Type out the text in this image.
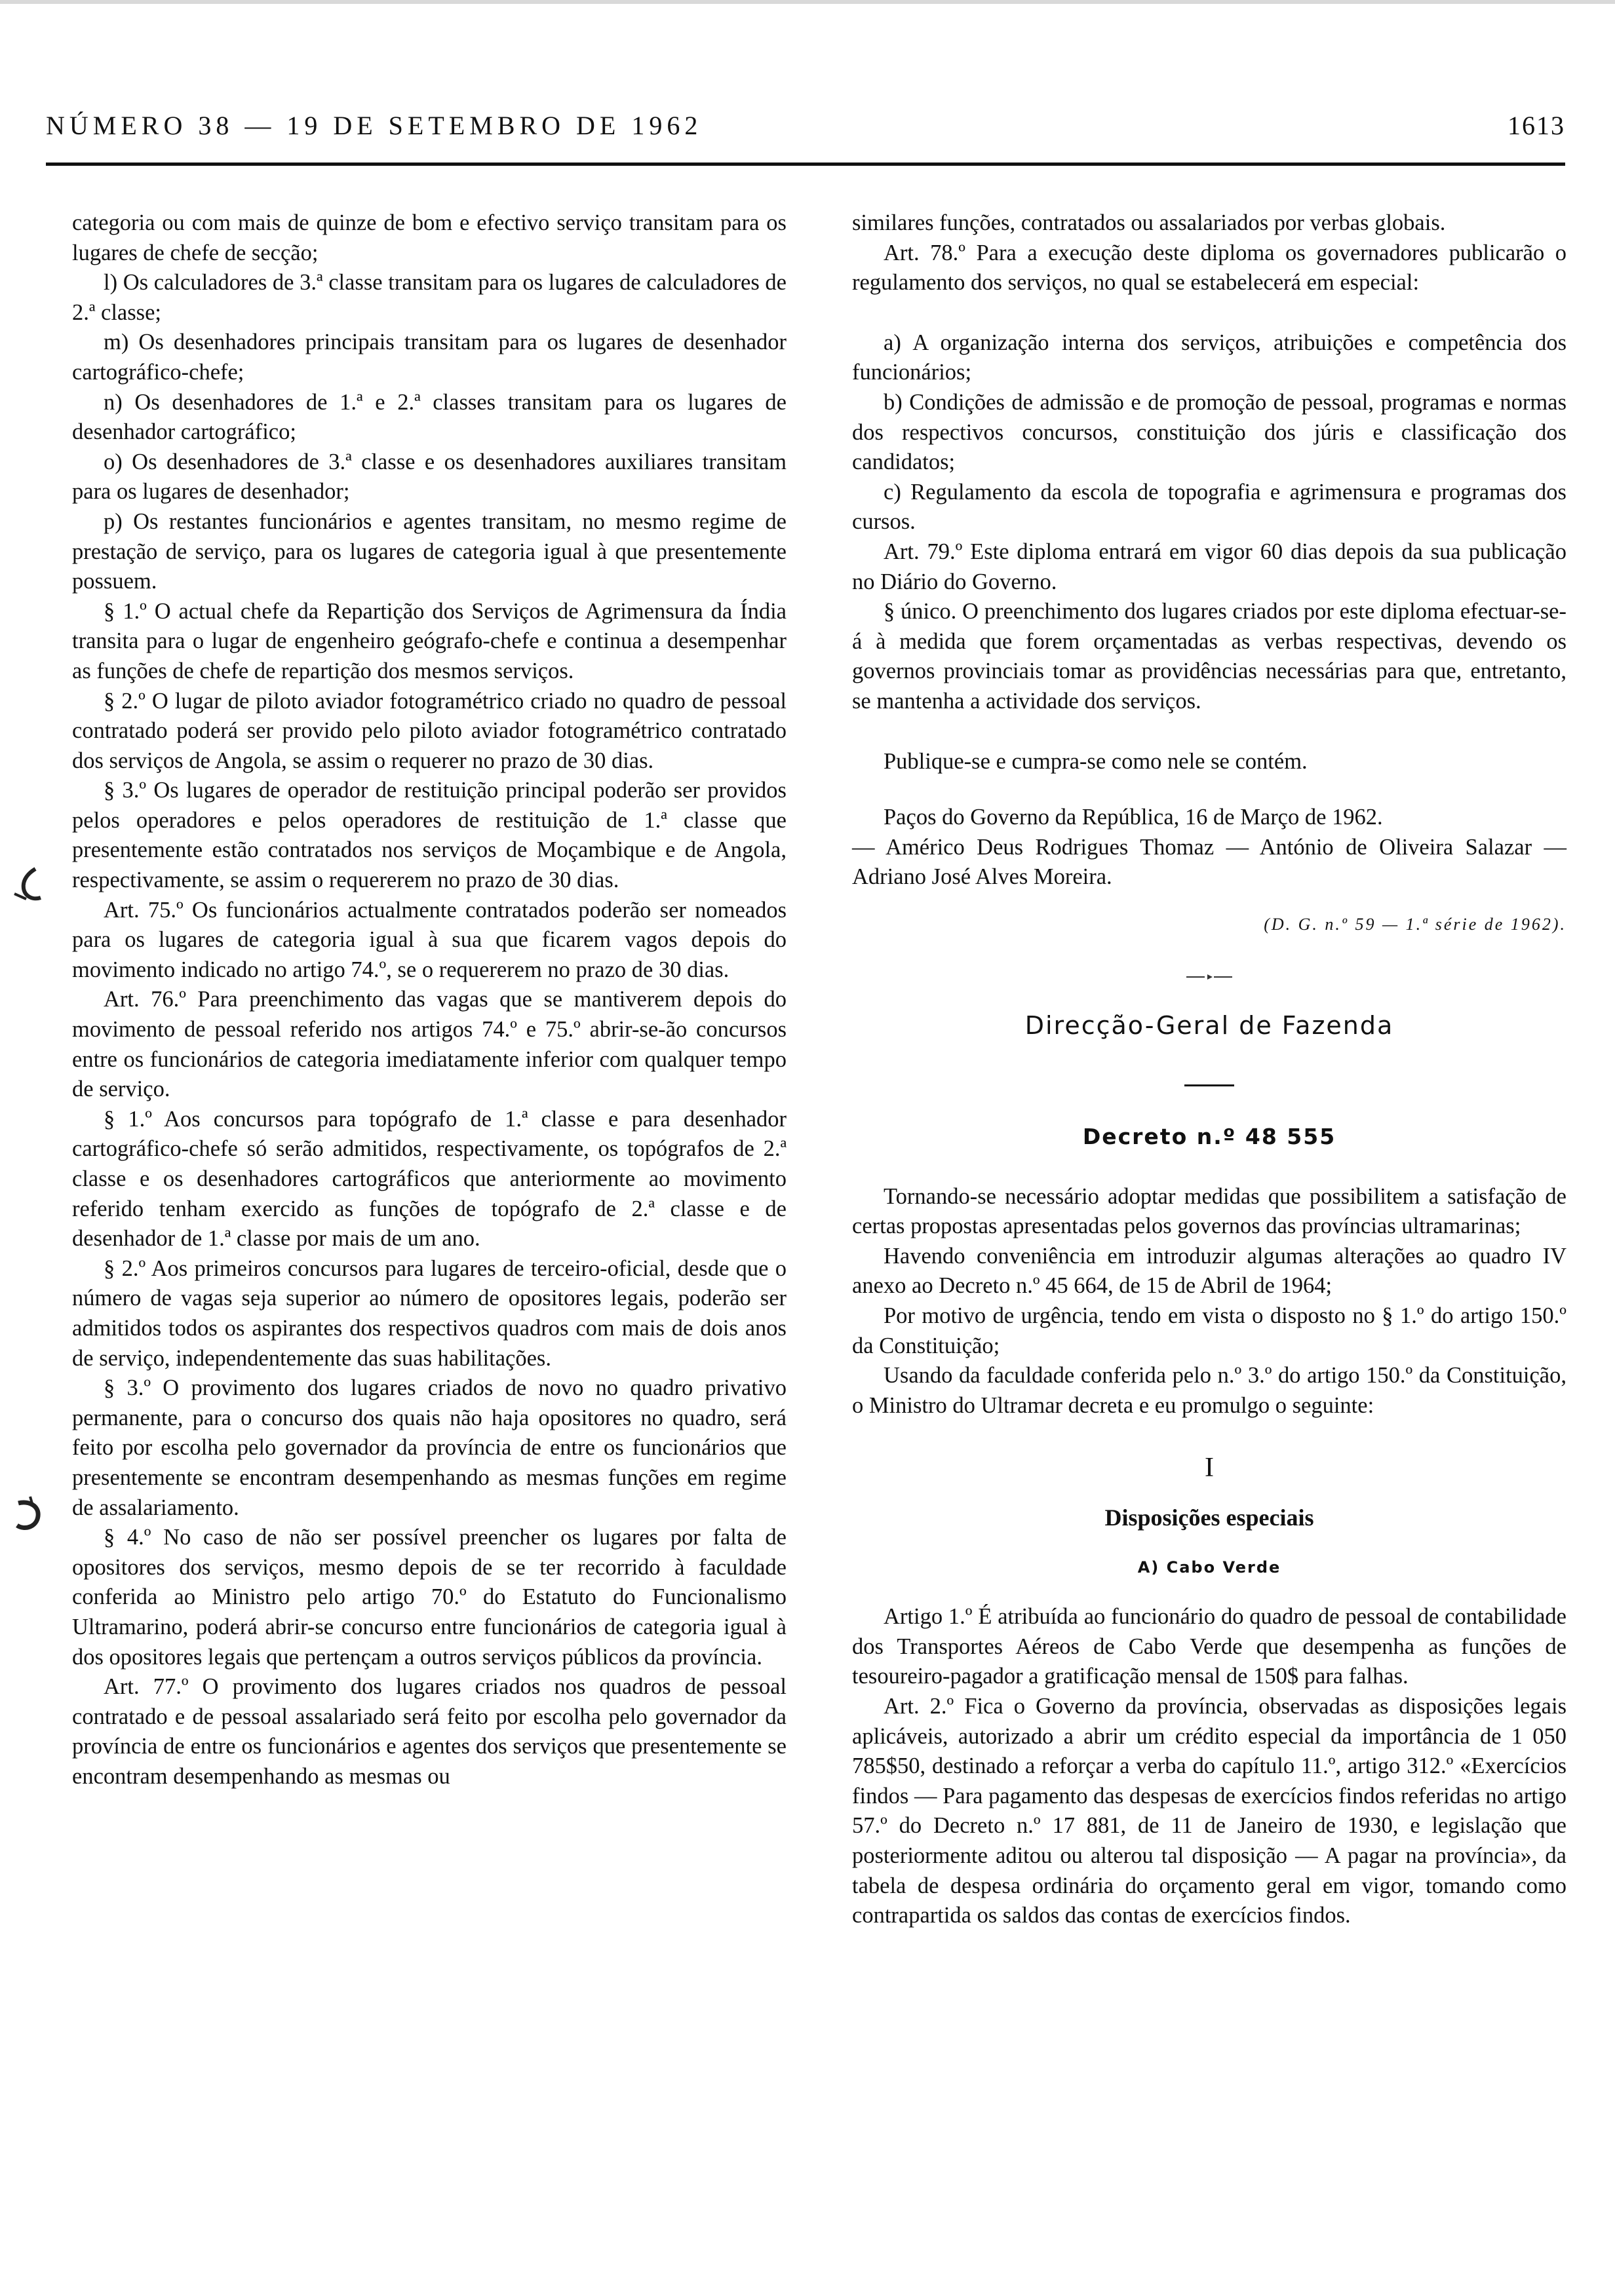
NÚMERO 38 — 19 DE SETEMBRO DE 1962	1613

categoria ou com mais de quinze de bom e efectivo serviço transitam para os lugares de chefe de secção;

l) Os calculadores de 3.ª classe transitam para os lugares de calculadores de 2.ª classe;

m) Os desenhadores principais transitam para os lugares de desenhador cartográfico-chefe;

n) Os desenhadores de 1.ª e 2.ª classes transitam para os lugares de desenhador cartográfico;

o) Os desenhadores de 3.ª classe e os desenhadores auxiliares transitam para os lugares de desenhador;

p) Os restantes funcionários e agentes transitam, no mesmo regime de prestação de serviço, para os lugares de categoria igual à que presentemente possuem.

§ 1.º O actual chefe da Repartição dos Serviços de Agrimensura da Índia transita para o lugar de engenheiro geógrafo-chefe e continua a desempenhar as funções de chefe de repartição dos mesmos serviços.

§ 2.º O lugar de piloto aviador fotogramétrico criado no quadro de pessoal contratado poderá ser provido pelo piloto aviador fotogramétrico contratado dos serviços de Angola, se assim o requerer no prazo de 30 dias.

§ 3.º Os lugares de operador de restituição principal poderão ser providos pelos operadores e pelos operadores de restituição de 1.ª classe que presentemente estão contratados nos serviços de Moçambique e de Angola, respectivamente, se assim o requererem no prazo de 30 dias.

Art. 75.º Os funcionários actualmente contratados poderão ser nomeados para os lugares de categoria igual à sua que ficarem vagos depois do movimento indicado no artigo 74.º, se o requererem no prazo de 30 dias.

Art. 76.º Para preenchimento das vagas que se mantiverem depois do movimento de pessoal referido nos artigos 74.º e 75.º abrir-se-ão concursos entre os funcionários de categoria imediatamente inferior com qualquer tempo de serviço.

§ 1.º Aos concursos para topógrafo de 1.ª classe e para desenhador cartográfico-chefe só serão admitidos, respectivamente, os topógrafos de 2.ª classe e os desenhadores cartográficos que anteriormente ao movimento referido tenham exercido as funções de topógrafo de 2.ª classe e de desenhador de 1.ª classe por mais de um ano.

§ 2.º Aos primeiros concursos para lugares de terceiro-oficial, desde que o número de vagas seja superior ao número de opositores legais, poderão ser admitidos todos os aspirantes dos respectivos quadros com mais de dois anos de serviço, independentemente das suas habilitações.

§ 3.º O provimento dos lugares criados de novo no quadro privativo permanente, para o concurso dos quais não haja opositores no quadro, será feito por escolha pelo governador da província de entre os funcionários que presentemente se encontram desempenhando as mesmas funções em regime de assalariamento.

§ 4.º No caso de não ser possível preencher os lugares por falta de opositores dos serviços, mesmo depois de se ter recorrido à faculdade conferida ao Ministro pelo artigo 70.º do Estatuto do Funcionalismo Ultramarino, poderá abrir-se concurso entre funcionários de categoria igual à dos opositores legais que pertençam a outros serviços públicos da província.

Art. 77.º O provimento dos lugares criados nos quadros de pessoal contratado e de pessoal assalariado será feito por escolha pelo governador da província de entre os funcionários e agentes dos serviços que presentemente se encontram desempenhando as mesmas ou

similares funções, contratados ou assalariados por verbas globais.

Art. 78.º Para a execução deste diploma os governadores publicarão o regulamento dos serviços, no qual se estabelecerá em especial:

a) A organização interna dos serviços, atribuições e competência dos funcionários;

b) Condições de admissão e de promoção de pessoal, programas e normas dos respectivos concursos, constituição dos júris e classificação dos candidatos;

c) Regulamento da escola de topografia e agrimensura e programas dos cursos.

Art. 79.º Este diploma entrará em vigor 60 dias depois da sua publicação no Diário do Governo.

§ único. O preenchimento dos lugares criados por este diploma efectuar-se-á à medida que forem orçamentadas as verbas respectivas, devendo os governos provinciais tomar as providências necessárias para que, entretanto, se mantenha a actividade dos serviços.

Publique-se e cumpra-se como nele se contém.

Paços do Governo da República, 16 de Março de 1962.

— Américo Deus Rodrigues Thomaz — António de Oliveira Salazar — Adriano José Alves Moreira.

(D. G. n.º 59 — 1.ª série de 1962).

Direcção-Geral de Fazenda
Decreto n.º 48 555

Tornando-se necessário adoptar medidas que possibilitem a satisfação de certas propostas apresentadas pelos governos das províncias ultramarinas;

Havendo conveniência em introduzir algumas alterações ao quadro IV anexo ao Decreto n.º 45 664, de 15 de Abril de 1964;

Por motivo de urgência, tendo em vista o disposto no § 1.º do artigo 150.º da Constituição;

Usando da faculdade conferida pelo n.º 3.º do artigo 150.º da Constituição, o Ministro do Ultramar decreta e eu promulgo o seguinte:

I
Disposições especiais
A) Cabo Verde

Artigo 1.º É atribuída ao funcionário do quadro de pessoal de contabilidade dos Transportes Aéreos de Cabo Verde que desempenha as funções de tesoureiro-pagador a gratificação mensal de 150$ para falhas.

Art. 2.º Fica o Governo da província, observadas as disposições legais aplicáveis, autorizado a abrir um crédito especial da importância de 1 050 785$50, destinado a reforçar a verba do capítulo 11.º, artigo 312.º «Exercícios findos — Para pagamento das despesas de exercícios findos referidas no artigo 57.º do Decreto n.º 17 881, de 11 de Janeiro de 1930, e legislação que posteriormente aditou ou alterou tal disposição — A pagar na província», da tabela de despesa ordinária do orçamento geral em vigor, tomando como contrapartida os saldos das contas de exercícios findos.
